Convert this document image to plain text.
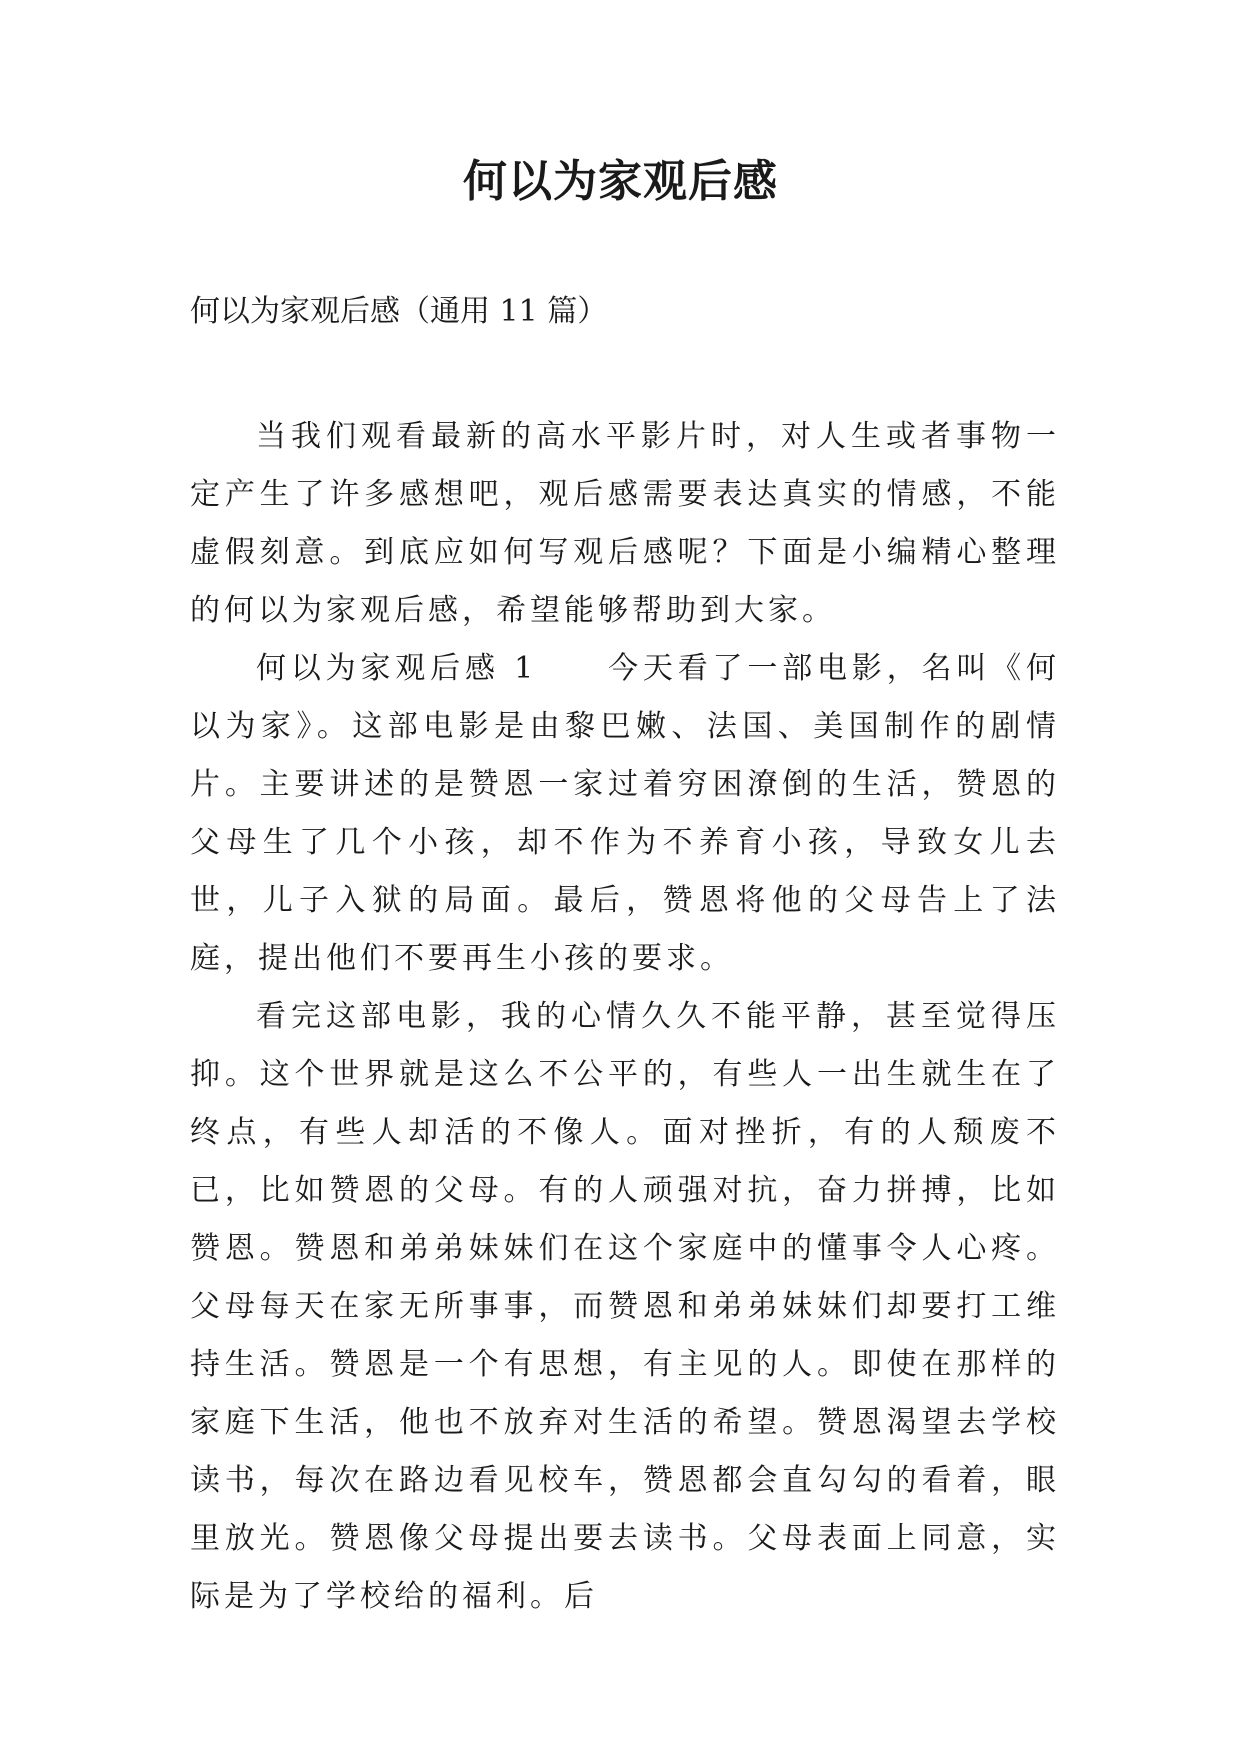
何以为家观后感

何以为家观后感（通用 11 篇）

当我们观看最新的高水平影片时，对人生或者事物一定产生了许多感想吧，观后感需要表达真实的情感，不能虚假刻意。到底应如何写观后感呢？下面是小编精心整理的何以为家观后感，希望能够帮助到大家。

何以为家观后感 1 今天看了一部电影，名叫《何以为家》。这部电影是由黎巴嫩、法国、美国制作的剧情片。主要讲述的是赞恩一家过着穷困潦倒的生活，赞恩的父母生了几个小孩，却不作为不养育小孩，导致女儿去世，儿子入狱的局面。最后，赞恩将他的父母告上了法庭，提出他们不要再生小孩的要求。

看完这部电影，我的心情久久不能平静，甚至觉得压抑。这个世界就是这么不公平的，有些人一出生就生在了终点，有些人却活的不像人。面对挫折，有的人颓废不已，比如赞恩的父母。有的人顽强对抗，奋力拼搏，比如赞恩。赞恩和弟弟妹妹们在这个家庭中的懂事令人心疼。父母每天在家无所事事，而赞恩和弟弟妹妹们却要打工维持生活。赞恩是一个有思想，有主见的人。即使在那样的家庭下生活，他也不放弃对生活的希望。赞恩渴望去学校读书，每次在路边看见校车，赞恩都会直勾勾的看着，眼里放光。赞恩像父母提出要去读书。父母表面上同意，实际是为了学校给的福利。后
